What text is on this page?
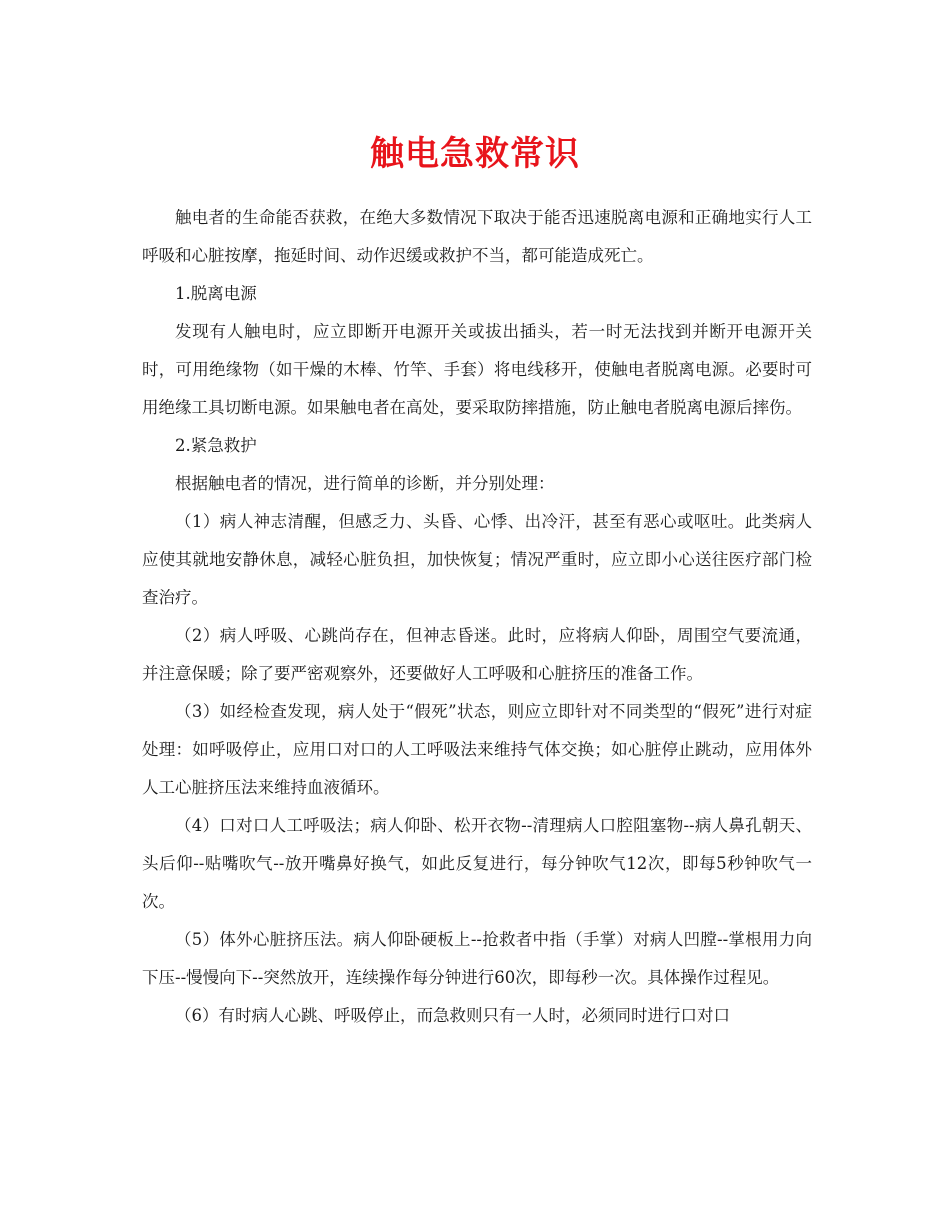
触电急救常识

触电者的生命能否获救，在绝大多数情况下取决于能否迅速脱离电源和正确地实行人工呼吸和心脏按摩，拖延时间、动作迟缓或救护不当，都可能造成死亡。

1.脱离电源

发现有人触电时，应立即断开电源开关或拔出插头，若一时无法找到并断开电源开关时，可用绝缘物（如干燥的木棒、竹竿、手套）将电线移开，使触电者脱离电源。必要时可用绝缘工具切断电源。如果触电者在高处，要采取防摔措施，防止触电者脱离电源后摔伤。

2.紧急救护

根据触电者的情况，进行简单的诊断，并分别处理：

（1）病人神志清醒，但感乏力、头昏、心悸、出冷汗，甚至有恶心或呕吐。此类病人应使其就地安静休息，减轻心脏负担，加快恢复；情况严重时，应立即小心送往医疗部门检查治疗。

（2）病人呼吸、心跳尚存在，但神志昏迷。此时，应将病人仰卧，周围空气要流通，并注意保暖；除了要严密观察外，还要做好人工呼吸和心脏挤压的准备工作。

（3）如经检查发现，病人处于“假死”状态，则应立即针对不同类型的“假死”进行对症处理：如呼吸停止，应用口对口的人工呼吸法来维持气体交换；如心脏停止跳动，应用体外人工心脏挤压法来维持血液循环。

（4）口对口人工呼吸法；病人仰卧、松开衣物--清理病人口腔阻塞物--病人鼻孔朝天、头后仰--贴嘴吹气--放开嘴鼻好换气，如此反复进行，每分钟吹气12次，即每5秒钟吹气一次。

（5）体外心脏挤压法。病人仰卧硬板上--抢救者中指（手掌）对病人凹膛--掌根用力向下压--慢慢向下--突然放开，连续操作每分钟进行60次，即每秒一次。具体操作过程见。

（6）有时病人心跳、呼吸停止，而急救则只有一人时，必须同时进行口对口
